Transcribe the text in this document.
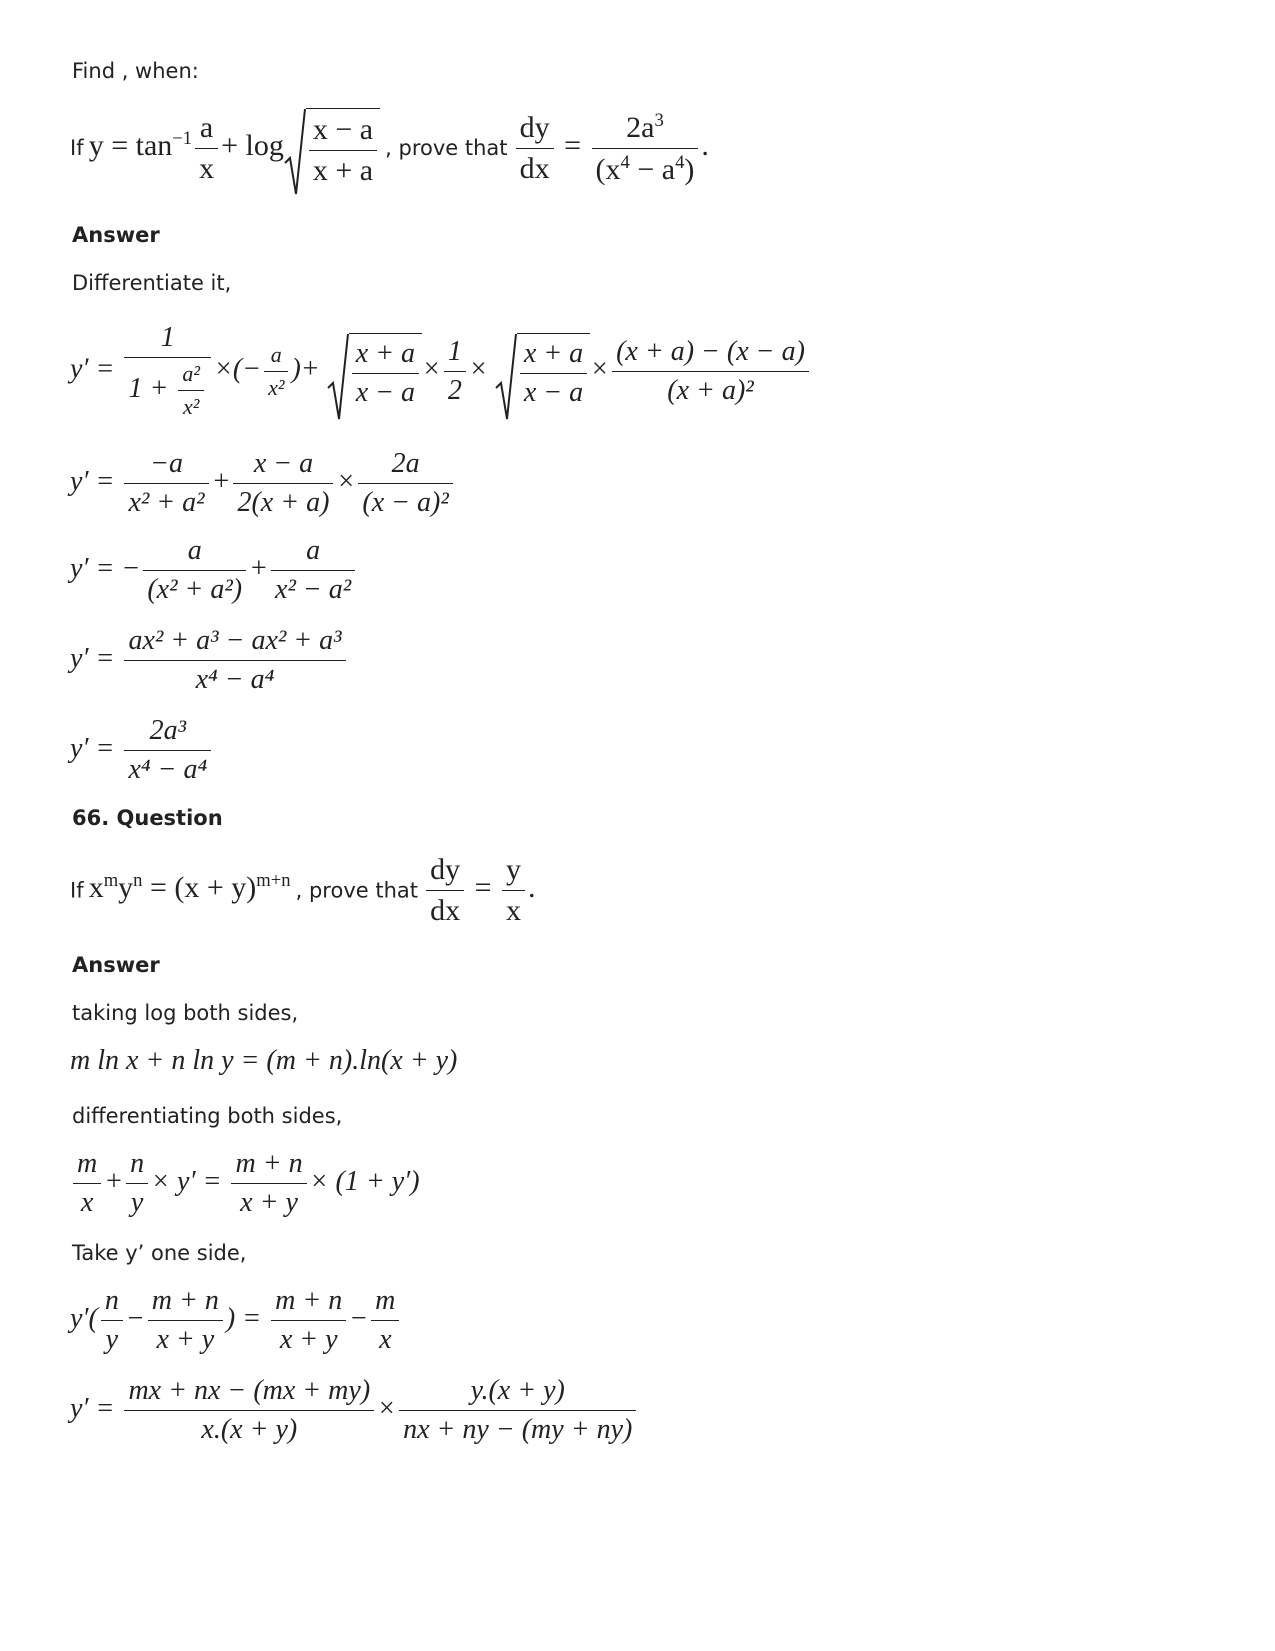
Find , when:
If $y = \tan^{-1} \frac{a}{x} + \log \frac{x - a}{x + a}$ , prove that $\frac{dy}{dx} = \frac{2a^3}{(x^4 - a^4)}$ .
Answer
Differentiate it,
$y' = \frac{1}{1 + \frac{\text{a²}}{\text{x²}}}$ ×(− $\frac{a}{\text{x²}}$ )+ $\frac{x + a}{x - a} \times \frac{1}{2} \times \frac{x + a}{x - a} \times \frac{(x + a) - (x - a)}{\text{(x + a)²}}$
$y' = \frac{-a}{\text{x² + a²}} + \frac{x - a}{2(x + a)} \times \frac{2a}{\text{(x − a)²}}$
y′ = − $\frac{a}{\text{(x² + a²)}} + \frac{a}{\text{x² − a²}}$
$y' = \frac{\text{ax² + a³ − ax² + a³}}{\text{x⁴ − a⁴}}$
$y' = \frac{\text{2a³}}{\text{x⁴ − a⁴}}$
66. Question
If $x^my^n = (x + y)^{m+n}$ , prove that $\frac{dy}{dx} = \frac{y}{x}$ .
Answer
taking log both sides,
m ln x + n ln y = (m + n).ln(x + y)
differentiating both sides,
$\frac{m}{x} + \frac{n}{y} \times y' = \frac{m + n}{x + y} \times (1 + y')$
Take y’ one side,
$y'( \frac{n}{y} - \frac{m + n}{x + y}$ ) = $\frac{m + n}{x + y} - \frac{m}{x}$
$y' = \frac{mx + nx - (mx + my)}{x.(x + y)} \times \frac{y.(x + y)}{nx + ny - (my + ny)}$
